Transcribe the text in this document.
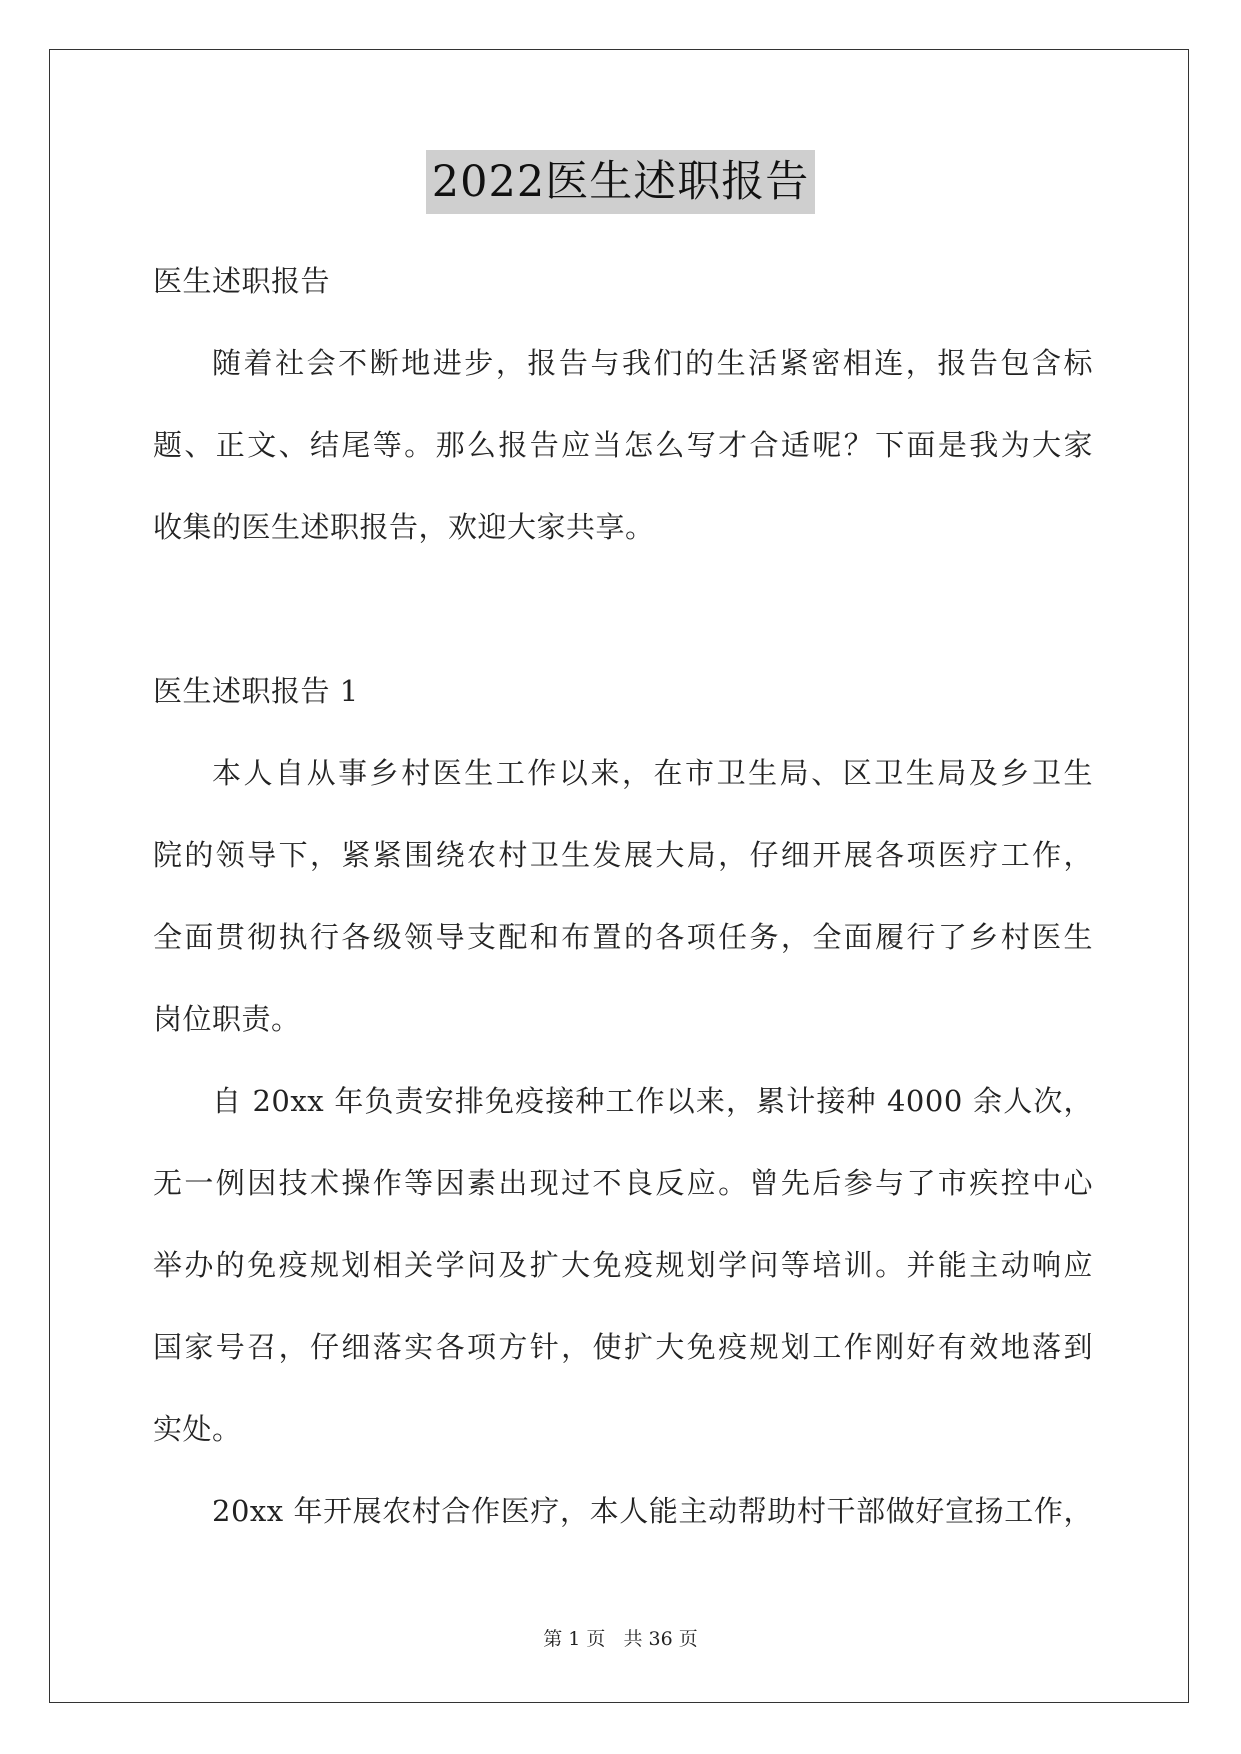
2022医生述职报告
医生述职报告
随着社会不断地进步，报告与我们的生活紧密相连，报告包含标
题、正文、结尾等。那么报告应当怎么写才合适呢？下面是我为大家
收集的医生述职报告，欢迎大家共享。
医生述职报告 1
本人自从事乡村医生工作以来，在市卫生局、区卫生局及乡卫生
院的领导下，紧紧围绕农村卫生发展大局，仔细开展各项医疗工作，
全面贯彻执行各级领导支配和布置的各项任务，全面履行了乡村医生
岗位职责。
自 20xx 年负责安排免疫接种工作以来，累计接种 4000 余人次，
无一例因技术操作等因素出现过不良反应。曾先后参与了市疾控中心
举办的免疫规划相关学问及扩大免疫规划学问等培训。并能主动响应
国家号召，仔细落实各项方针，使扩大免疫规划工作刚好有效地落到
实处。
20xx 年开展农村合作医疗，本人能主动帮助村干部做好宣扬工作，
第 1 页 共 36 页
